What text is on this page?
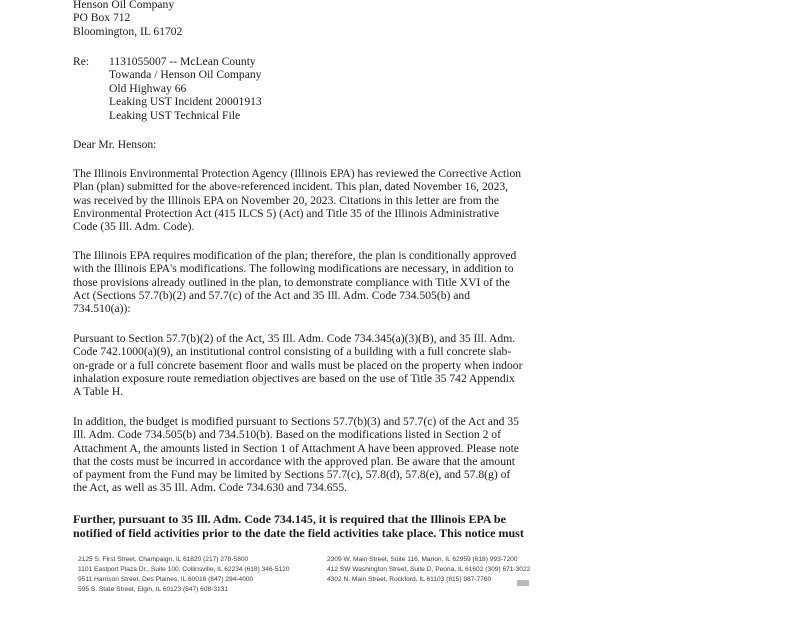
Henson Oil Company
PO Box 712
Bloomington, IL 61702
Re: 1131055007 -- McLean County
Towanda / Henson Oil Company
Old Highway 66
Leaking UST Incident 20001913
Leaking UST Technical File
Dear Mr. Henson:

The Illinois Environmental Protection Agency (Illinois EPA) has reviewed the Corrective Action
Plan (plan) submitted for the above-referenced incident. This plan, dated November 16, 2023,
was received by the Illinois EPA on November 20, 2023. Citations in this letter are from the
Environmental Protection Act (415 ILCS 5) (Act) and Title 35 of the Illinois Administrative
Code (35 Ill. Adm. Code).

The Illinois EPA requires modification of the plan; therefore, the plan is conditionally approved
with the Illinois EPA's modifications. The following modifications are necessary, in addition to
those provisions already outlined in the plan, to demonstrate compliance with Title XVI of the
Act (Sections 57.7(b)(2) and 57.7(c) of the Act and 35 Ill. Adm. Code 734.505(b) and
734.510(a)):

Pursuant to Section 57.7(b)(2) of the Act, 35 Ill. Adm. Code 734.345(a)(3)(B), and 35 Ill. Adm.
Code 742.1000(a)(9), an institutional control consisting of a building with a full concrete slab-
on-grade or a full concrete basement floor and walls must be placed on the property when indoor
inhalation exposure route remediation objectives are based on the use of Title 35 742 Appendix
A Table H.

In addition, the budget is modified pursuant to Sections 57.7(b)(3) and 57.7(c) of the Act and 35
Ill. Adm. Code 734.505(b) and 734.510(b). Based on the modifications listed in Section 2 of
Attachment A, the amounts listed in Section 1 of Attachment A have been approved. Please note
that the costs must be incurred in accordance with the approved plan. Be aware that the amount
of payment from the Fund may be limited by Sections 57.7(c), 57.8(d), 57.8(e), and 57.8(g) of
the Act, as well as 35 Ill. Adm. Code 734.630 and 734.655.

Further, pursuant to 35 Ill. Adm. Code 734.145, it is required that the Illinois EPA be
notified of field activities prior to the date the field activities take place. This notice must

2125 S. First Street, Champaign, IL 61820 (217) 278-5800
1101 Eastport Plaza Dr., Suite 100, Collinsville, IL 62234 (618) 346-5120
9511 Harrison Street, Des Plaines, IL 60016 (847) 294-4000
595 S. State Street, Elgin, IL 60123 (847) 608-3131
2309 W. Main Street, Suite 116, Marion, IL 62959 (618) 993-7200
412 SW Washington Street, Suite D, Peoria, IL 61602 (309) 671-3022
4302 N. Main Street, Rockford, IL 61103 (815) 987-7760
